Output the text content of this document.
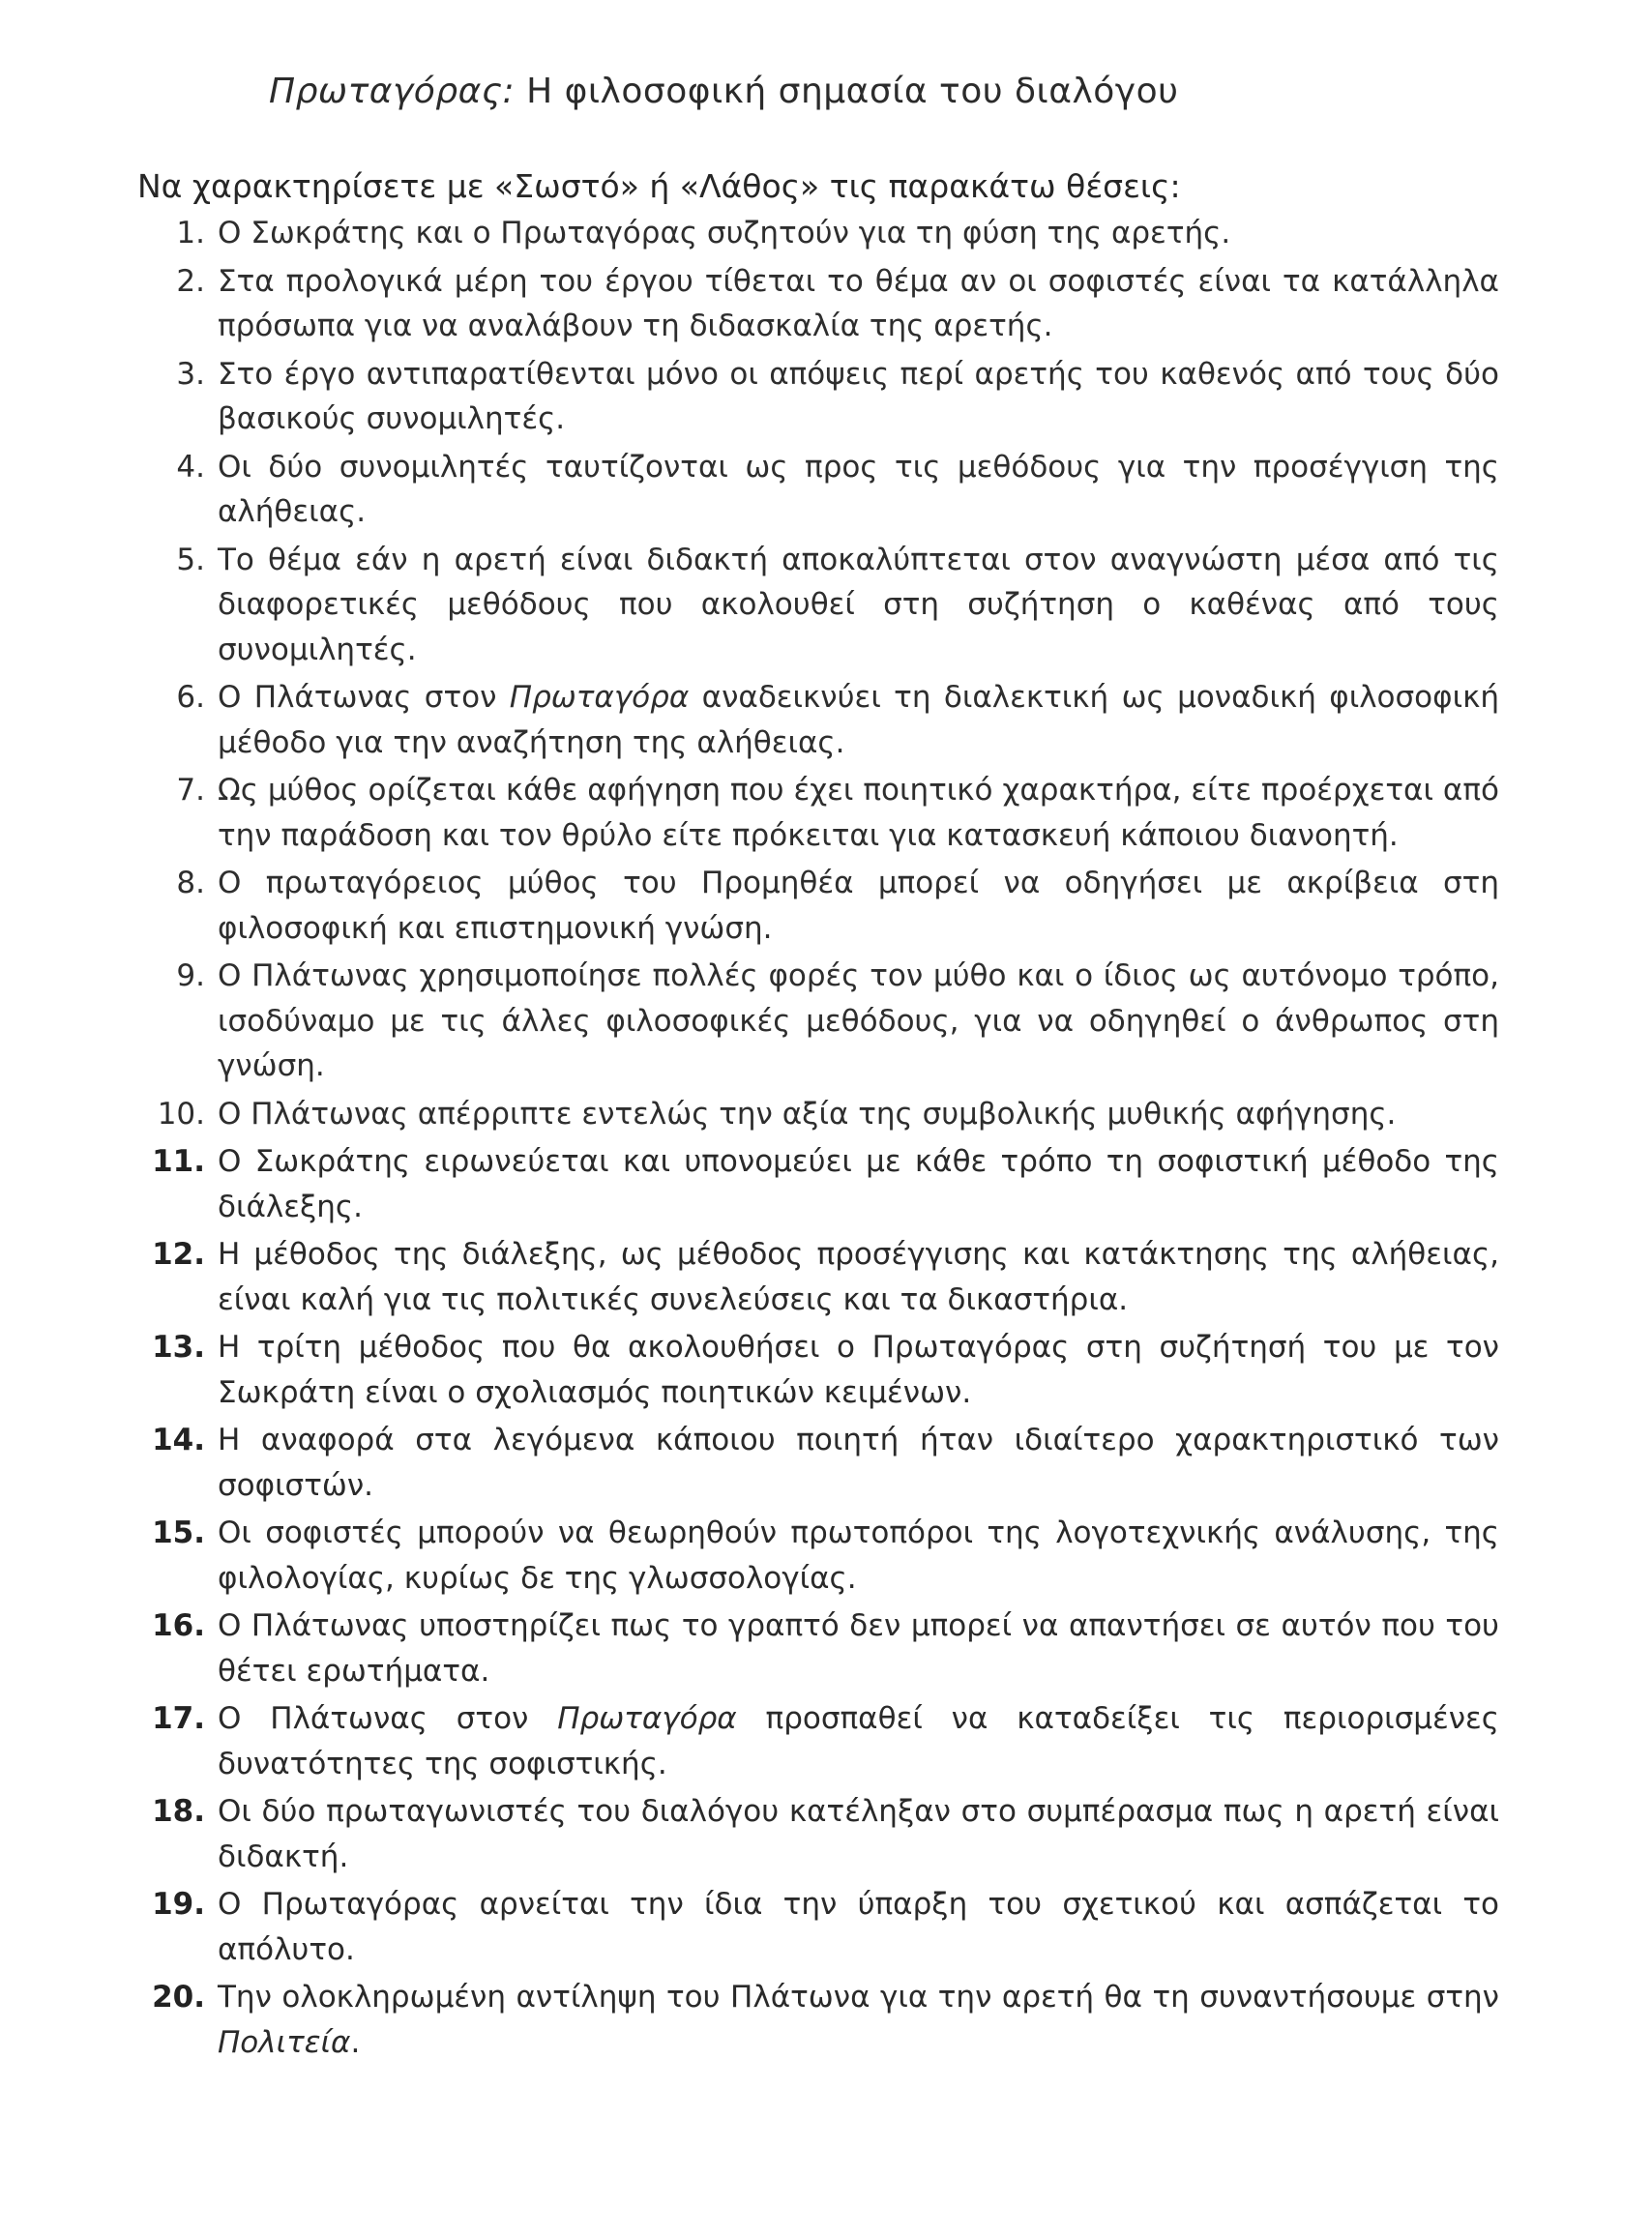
Πρωταγόρας: Η φιλοσοφική σημασία του διαλόγου
Να χαρακτηρίσετε με «Σωστό» ή «Λάθος» τις παρακάτω θέσεις:
1. Ο Σωκράτης και ο Πρωταγόρας συζητούν για τη φύση της αρετής.
2. Στα προλογικά μέρη του έργου τίθεται το θέμα αν οι σοφιστές είναι τα κατάλληλα πρόσωπα για να αναλάβουν τη διδασκαλία της αρετής.
3. Στο έργο αντιπαρατίθενται μόνο οι απόψεις περί αρετής του καθενός από τους δύο βασικούς συνομιλητές.
4. Οι δύο συνομιλητές ταυτίζονται ως προς τις μεθόδους για την προσέγγιση της αλήθειας.
5. Το θέμα εάν η αρετή είναι διδακτή αποκαλύπτεται στον αναγνώστη μέσα από τις διαφορετικές μεθόδους που ακολουθεί στη συζήτηση ο καθένας από τους συνομιλητές.
6. Ο Πλάτωνας στον Πρωταγόρα αναδεικνύει τη διαλεκτική ως μοναδική φιλοσοφική μέθοδο για την αναζήτηση της αλήθειας.
7. Ως μύθος ορίζεται κάθε αφήγηση που έχει ποιητικό χαρακτήρα, είτε προέρχεται από την παράδοση και τον θρύλο είτε πρόκειται για κατασκευή κάποιου διανοητή.
8. Ο πρωταγόρειος μύθος του Προμηθέα μπορεί να οδηγήσει με ακρίβεια στη φιλοσοφική και επιστημονική γνώση.
9. Ο Πλάτωνας χρησιμοποίησε πολλές φορές τον μύθο και ο ίδιος ως αυτόνομο τρόπο, ισοδύναμο με τις άλλες φιλοσοφικές μεθόδους, για να οδηγηθεί ο άνθρωπος στη γνώση.
10. Ο Πλάτωνας απέρριπτε εντελώς την αξία της συμβολικής μυθικής αφήγησης.
11. Ο Σωκράτης ειρωνεύεται και υπονομεύει με κάθε τρόπο τη σοφιστική μέθοδο της διάλεξης.
12. Η μέθοδος της διάλεξης, ως μέθοδος προσέγγισης και κατάκτησης της αλήθειας, είναι καλή για τις πολιτικές συνελεύσεις και τα δικαστήρια.
13. Η τρίτη μέθοδος που θα ακολουθήσει ο Πρωταγόρας στη συζήτησή του με τον Σωκράτη είναι ο σχολιασμός ποιητικών κειμένων.
14. Η αναφορά στα λεγόμενα κάποιου ποιητή ήταν ιδιαίτερο χαρακτηριστικό των σοφιστών.
15. Οι σοφιστές μπορούν να θεωρηθούν πρωτοπόροι της λογοτεχνικής ανάλυσης, της φιλολογίας, κυρίως δε της γλωσσολογίας.
16. Ο Πλάτωνας υποστηρίζει πως το γραπτό δεν μπορεί να απαντήσει σε αυτόν που του θέτει ερωτήματα.
17. Ο Πλάτωνας στον Πρωταγόρα προσπαθεί να καταδείξει τις περιορισμένες δυνατότητες της σοφιστικής.
18. Οι δύο πρωταγωνιστές του διαλόγου κατέληξαν στο συμπέρασμα πως η αρετή είναι διδακτή.
19. Ο Πρωταγόρας αρνείται την ίδια την ύπαρξη του σχετικού και ασπάζεται το απόλυτο.
20. Την ολοκληρωμένη αντίληψη του Πλάτωνα για την αρετή θα τη συναντήσουμε στην Πολιτεία.
